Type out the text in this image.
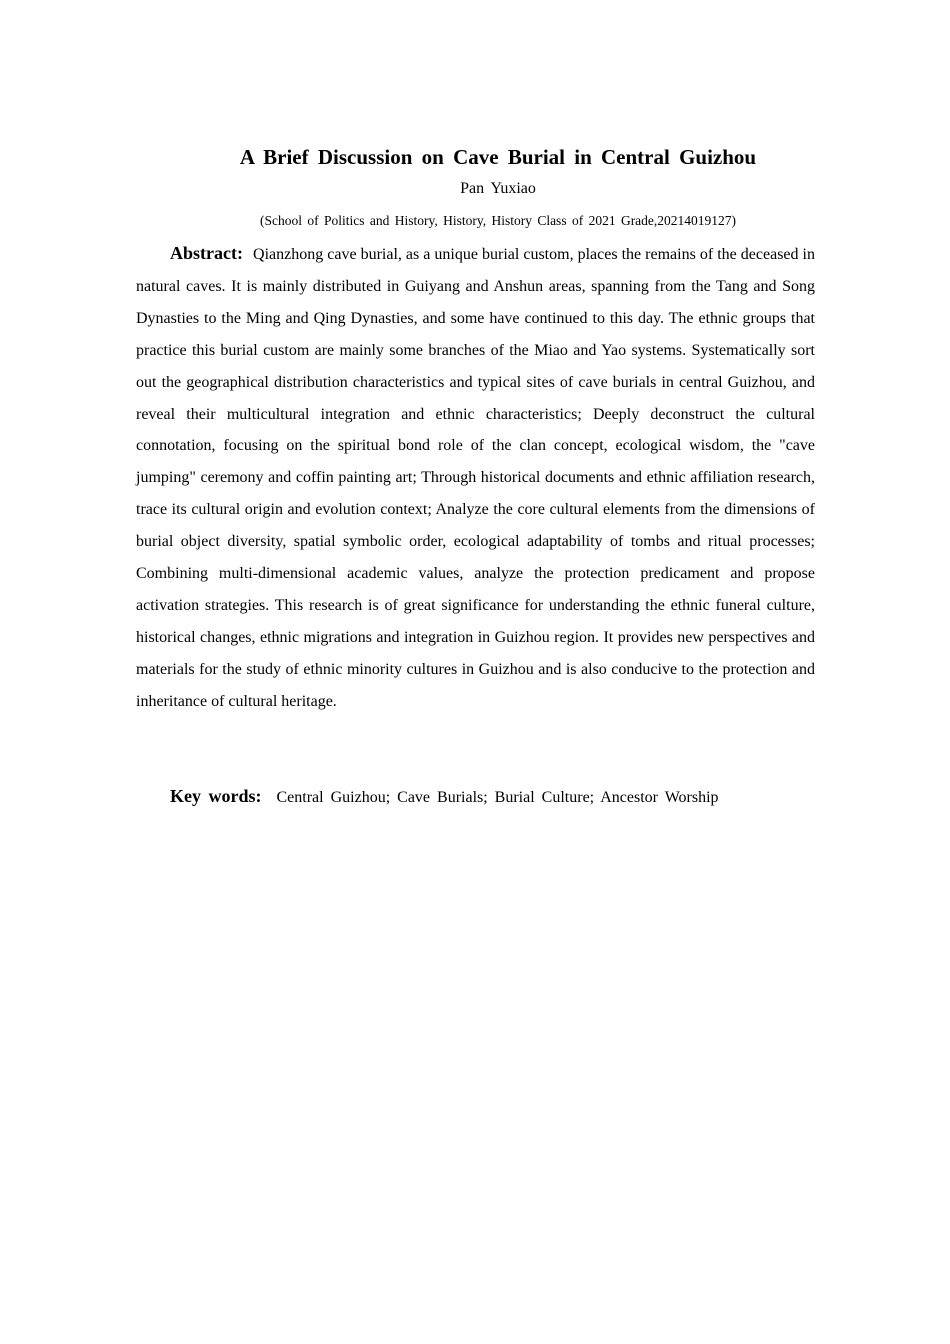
A Brief Discussion on Cave Burial in Central Guizhou
Pan Yuxiao
(School of Politics and History, History, History Class of 2021 Grade,20214019127)

Abstract: Qianzhong cave burial, as a unique burial custom, places the remains of the deceased in natural caves. It is mainly distributed in Guiyang and Anshun areas, spanning from the Tang and Song Dynasties to the Ming and Qing Dynasties, and some have continued to this day. The ethnic groups that practice this burial custom are mainly some branches of the Miao and Yao systems. Systematically sort out the geographical distribution characteristics and typical sites of cave burials in central Guizhou, and reveal their multicultural integration and ethnic characteristics; Deeply deconstruct the cultural connotation, focusing on the spiritual bond role of the clan concept, ecological wisdom, the "cave jumping" ceremony and coffin painting art; Through historical documents and ethnic affiliation research, trace its cultural origin and evolution context; Analyze the core cultural elements from the dimensions of burial object diversity, spatial symbolic order, ecological adaptability of tombs and ritual processes; Combining multi-dimensional academic values, analyze the protection predicament and propose activation strategies. This research is of great significance for understanding the ethnic funeral culture, historical changes, ethnic migrations and integration in Guizhou region. It provides new perspectives and materials for the study of ethnic minority cultures in Guizhou and is also conducive to the protection and inheritance of cultural heritage.

Key words: Central Guizhou; Cave Burials; Burial Culture; Ancestor Worship
